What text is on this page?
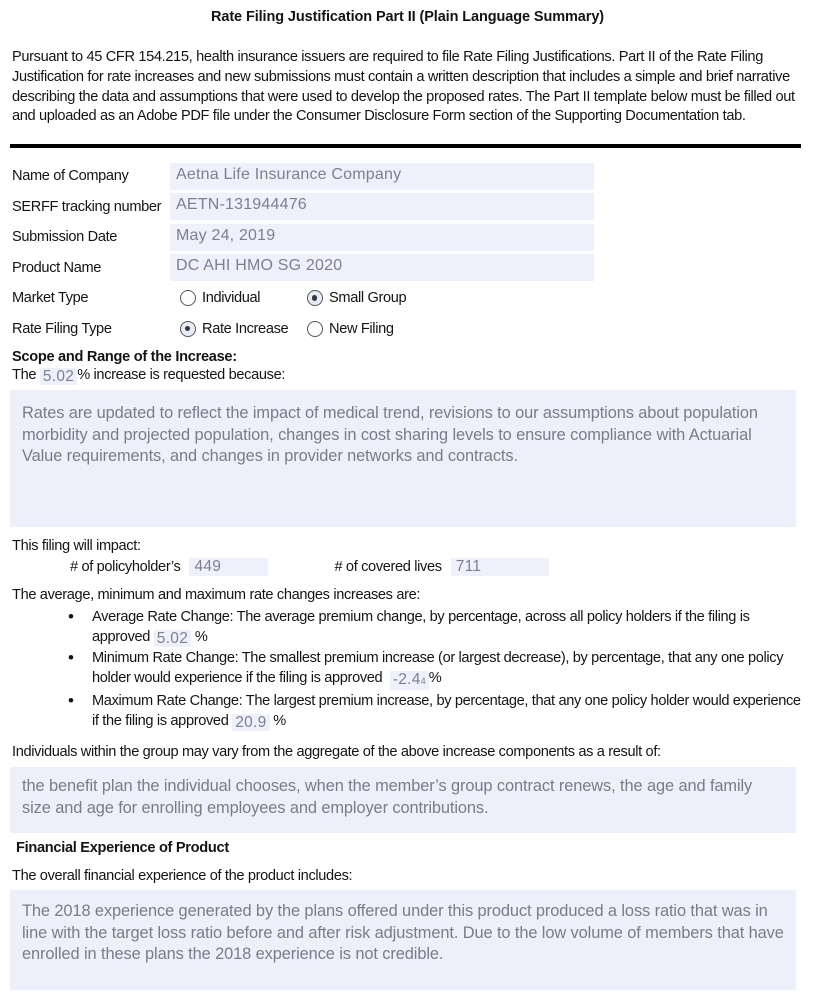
Rate Filing Justification Part II (Plain Language Summary)

Pursuant to 45 CFR 154.215, health insurance issuers are required to file Rate Filing Justifications. Part II of the Rate Filing Justification for rate increases and new submissions must contain a written description that includes a simple and brief narrative describing the data and assumptions that were used to develop the proposed rates. The Part II template below must be filled out and uploaded as an Adobe PDF file under the Consumer Disclosure Form section of the Supporting Documentation tab.

Name of Company	Aetna Life Insurance Company
SERFF tracking number AETN-131944476
Submission Date	May 24, 2019
Product Name	DC AHI HMO SG 2020
Market Type	Individual	Small Group
Rate Filing Type	Rate Increase	New Filing
Scope and Range of the Increase:
The 5.02 % increase is requested because:
Rates are updated to reflect the impact of medical trend, revisions to our assumptions about population morbidity and projected population, changes in cost sharing levels to ensure compliance with Actuarial Value requirements, and changes in provider networks and contracts.
This filing will impact:
# of policyholder’s 449	# of covered lives 711
The average, minimum and maximum rate changes increases are:
• Average Rate Change: The average premium change, by percentage, across all policy holders if the filing is approved 5.02 %
• Minimum Rate Change: The smallest premium increase (or largest decrease), by percentage, that any one policy holder would experience if the filing is approved -2.44 %
• Maximum Rate Change: The largest premium increase, by percentage, that any one policy holder would experience if the filing is approved 20.9 %
Individuals within the group may vary from the aggregate of the above increase components as a result of:
the benefit plan the individual chooses, when the member’s group contract renews, the age and family size and age for enrolling employees and employer contributions.
Financial Experience of Product
The overall financial experience of the product includes:
The 2018 experience generated by the plans offered under this product produced a loss ratio that was in line with the target loss ratio before and after risk adjustment. Due to the low volume of members that have enrolled in these plans the 2018 experience is not credible.
